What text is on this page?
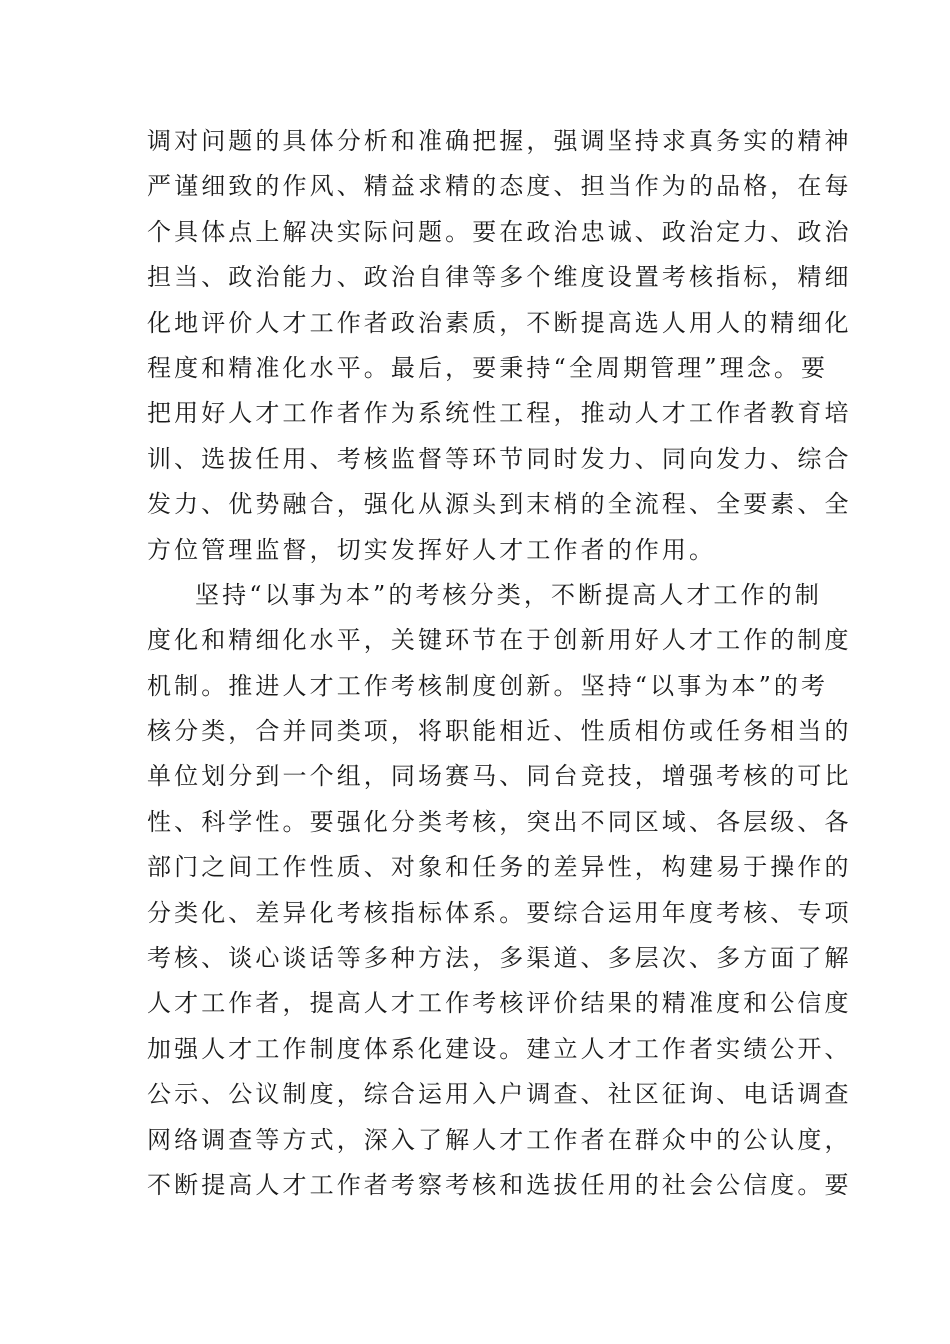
调对问题的具体分析和准确把握，强调坚持求真务实的精神
严谨细致的作风、精益求精的态度、担当作为的品格，在每
个具体点上解决实际问题。要在政治忠诚、政治定力、政治
担当、政治能力、政治自律等多个维度设置考核指标，精细
化地评价人才工作者政治素质，不断提高选人用人的精细化
程度和精准化水平。最后，要秉持“全周期管理”理念。要
把用好人才工作者作为系统性工程，推动人才工作者教育培
训、选拔任用、考核监督等环节同时发力、同向发力、综合
发力、优势融合，强化从源头到末梢的全流程、全要素、全
方位管理监督，切实发挥好人才工作者的作用。
坚持“以事为本”的考核分类，不断提高人才工作的制
度化和精细化水平，关键环节在于创新用好人才工作的制度
机制。推进人才工作考核制度创新。坚持“以事为本”的考
核分类，合并同类项，将职能相近、性质相仿或任务相当的
单位划分到一个组，同场赛马、同台竞技，增强考核的可比
性、科学性。要强化分类考核，突出不同区域、各层级、各
部门之间工作性质、对象和任务的差异性，构建易于操作的
分类化、差异化考核指标体系。要综合运用年度考核、专项
考核、谈心谈话等多种方法，多渠道、多层次、多方面了解
人才工作者，提高人才工作考核评价结果的精准度和公信度
加强人才工作制度体系化建设。建立人才工作者实绩公开、
公示、公议制度，综合运用入户调查、社区征询、电话调查
网络调查等方式，深入了解人才工作者在群众中的公认度，
不断提高人才工作者考察考核和选拔任用的社会公信度。要
